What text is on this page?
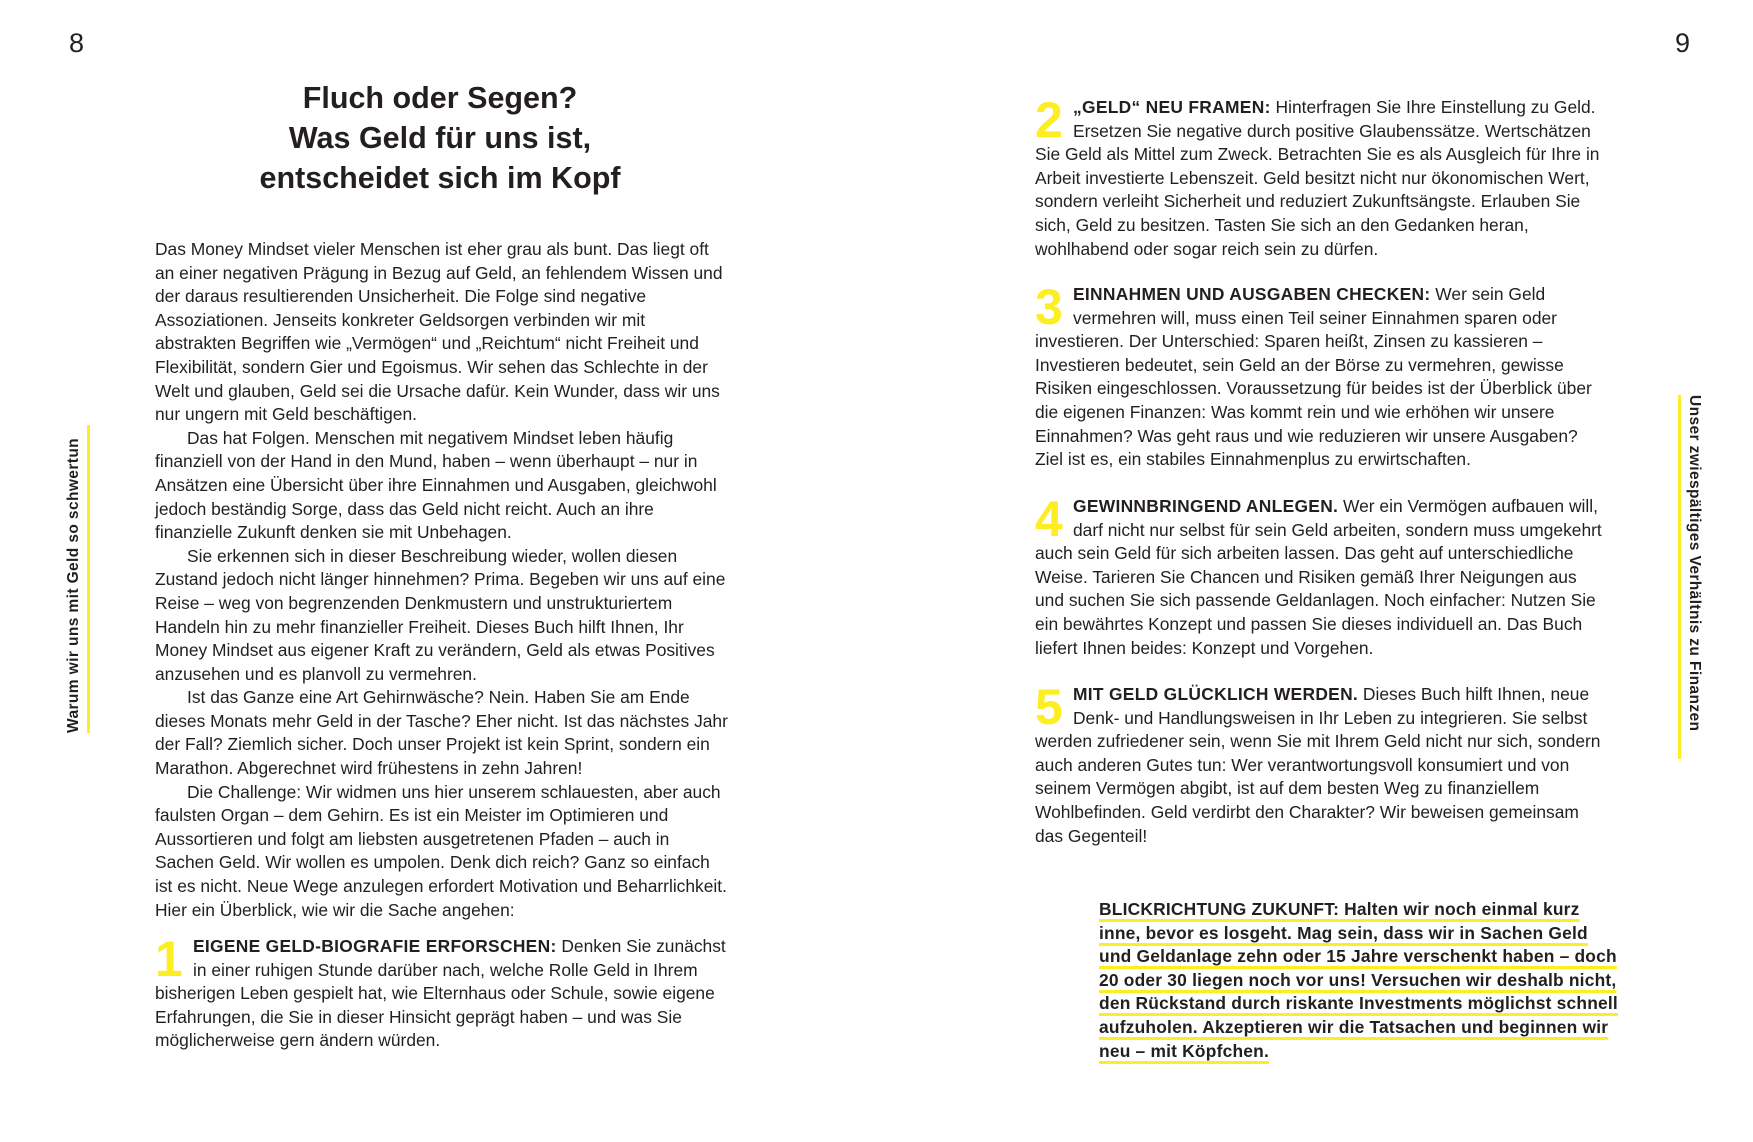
8	9
Warum wir uns mit Geld so schwertun	Unser zwiespältiges Verhältnis zu Finanzen
Fluch oder Segen?
Was Geld für uns ist,
entscheidet sich im Kopf

Das Money Mindset vieler Menschen ist eher grau als bunt. Das liegt oft an einer negativen Prägung in Bezug auf Geld, an fehlendem Wissen und der daraus resultierenden Unsicherheit. Die Folge sind negative Assoziationen. Jenseits konkreter Geldsorgen verbinden wir mit abstrakten Begriffen wie „Vermögen“ und „Reichtum“ nicht Freiheit und Flexibilität, sondern Gier und Egoismus. Wir sehen das Schlechte in der Welt und glauben, Geld sei die Ursache dafür. Kein Wunder, dass wir uns nur ungern mit Geld beschäftigen.

Das hat Folgen. Menschen mit negativem Mindset leben häufig finanziell von der Hand in den Mund, haben – wenn überhaupt – nur in Ansätzen eine Übersicht über ihre Einnahmen und Ausgaben, gleichwohl jedoch beständig Sorge, dass das Geld nicht reicht. Auch an ihre finanzielle Zukunft denken sie mit Unbehagen.

Sie erkennen sich in dieser Beschreibung wieder, wollen diesen Zustand jedoch nicht länger hinnehmen? Prima. Begeben wir uns auf eine Reise – weg von begrenzenden Denkmustern und unstrukturiertem Handeln hin zu mehr finanzieller Freiheit. Dieses Buch hilft Ihnen, Ihr Money Mindset aus eigener Kraft zu verändern, Geld als etwas Positives anzusehen und es planvoll zu vermehren.

Ist das Ganze eine Art Gehirnwäsche? Nein. Haben Sie am Ende dieses Monats mehr Geld in der Tasche? Eher nicht. Ist das nächstes Jahr der Fall? Ziemlich sicher. Doch unser Projekt ist kein Sprint, sondern ein Marathon. Abgerechnet wird frühestens in zehn Jahren!

Die Challenge: Wir widmen uns hier unserem schlauesten, aber auch faulsten Organ – dem Gehirn. Es ist ein Meister im Optimieren und Aussortieren und folgt am liebsten ausgetretenen Pfaden – auch in Sachen Geld. Wir wollen es umpolen. Denk dich reich? Ganz so einfach ist es nicht. Neue Wege anzulegen erfordert Motivation und Beharrlichkeit. Hier ein Überblick, wie wir die Sache angehen:

1 EIGENE GELD-BIOGRAFIE ERFORSCHEN: Denken Sie zunächst in einer ruhigen Stunde darüber nach, welche Rolle Geld in Ihrem bisherigen Leben gespielt hat, wie Elternhaus oder Schule, sowie eigene Erfahrungen, die Sie in dieser Hinsicht geprägt haben – und was Sie möglicherweise gern ändern würden.
2 „GELD“ NEU FRAMEN: Hinterfragen Sie Ihre Einstellung zu Geld. Ersetzen Sie negative durch positive Glaubenssätze. Wertschätzen Sie Geld als Mittel zum Zweck. Betrachten Sie es als Ausgleich für Ihre in Arbeit investierte Lebenszeit. Geld besitzt nicht nur ökonomischen Wert, sondern verleiht Sicherheit und reduziert Zukunftsängste. Erlauben Sie sich, Geld zu besitzen. Tasten Sie sich an den Gedanken heran, wohlhabend oder sogar reich sein zu dürfen.
3 EINNAHMEN UND AUSGABEN CHECKEN: Wer sein Geld vermehren will, muss einen Teil seiner Einnahmen sparen oder investieren. Der Unterschied: Sparen heißt, Zinsen zu kassieren – Investieren bedeutet, sein Geld an der Börse zu vermehren, gewisse Risiken eingeschlossen. Voraussetzung für beides ist der Überblick über die eigenen Finanzen: Was kommt rein und wie erhöhen wir unsere Einnahmen? Was geht raus und wie reduzieren wir unsere Ausgaben? Ziel ist es, ein stabiles Einnahmenplus zu erwirtschaften.
4 GEWINNBRINGEND ANLEGEN. Wer ein Vermögen aufbauen will, darf nicht nur selbst für sein Geld arbeiten, sondern muss umgekehrt auch sein Geld für sich arbeiten lassen. Das geht auf unterschiedliche Weise. Tarieren Sie Chancen und Risiken gemäß Ihrer Neigungen aus und suchen Sie sich passende Geldanlagen. Noch einfacher: Nutzen Sie ein bewährtes Konzept und passen Sie dieses individuell an. Das Buch liefert Ihnen beides: Konzept und Vorgehen.
5 MIT GELD GLÜCKLICH WERDEN. Dieses Buch hilft Ihnen, neue Denk- und Handlungsweisen in Ihr Leben zu integrieren. Sie selbst werden zufriedener sein, wenn Sie mit Ihrem Geld nicht nur sich, sondern auch anderen Gutes tun: Wer verantwortungsvoll konsumiert und von seinem Vermögen abgibt, ist auf dem besten Weg zu finanziellem Wohlbefinden. Geld verdirbt den Charakter? Wir beweisen gemeinsam das Gegenteil!
BLICKRICHTUNG ZUKUNFT: Halten wir noch einmal kurz inne, bevor es losgeht. Mag sein, dass wir in Sachen Geld und Geldanlage zehn oder 15 Jahre verschenkt haben – doch 20 oder 30 liegen noch vor uns! Versuchen wir deshalb nicht, den Rückstand durch riskante Investments möglichst schnell aufzuholen. Akzeptieren wir die Tatsachen und beginnen wir neu – mit Köpfchen.
